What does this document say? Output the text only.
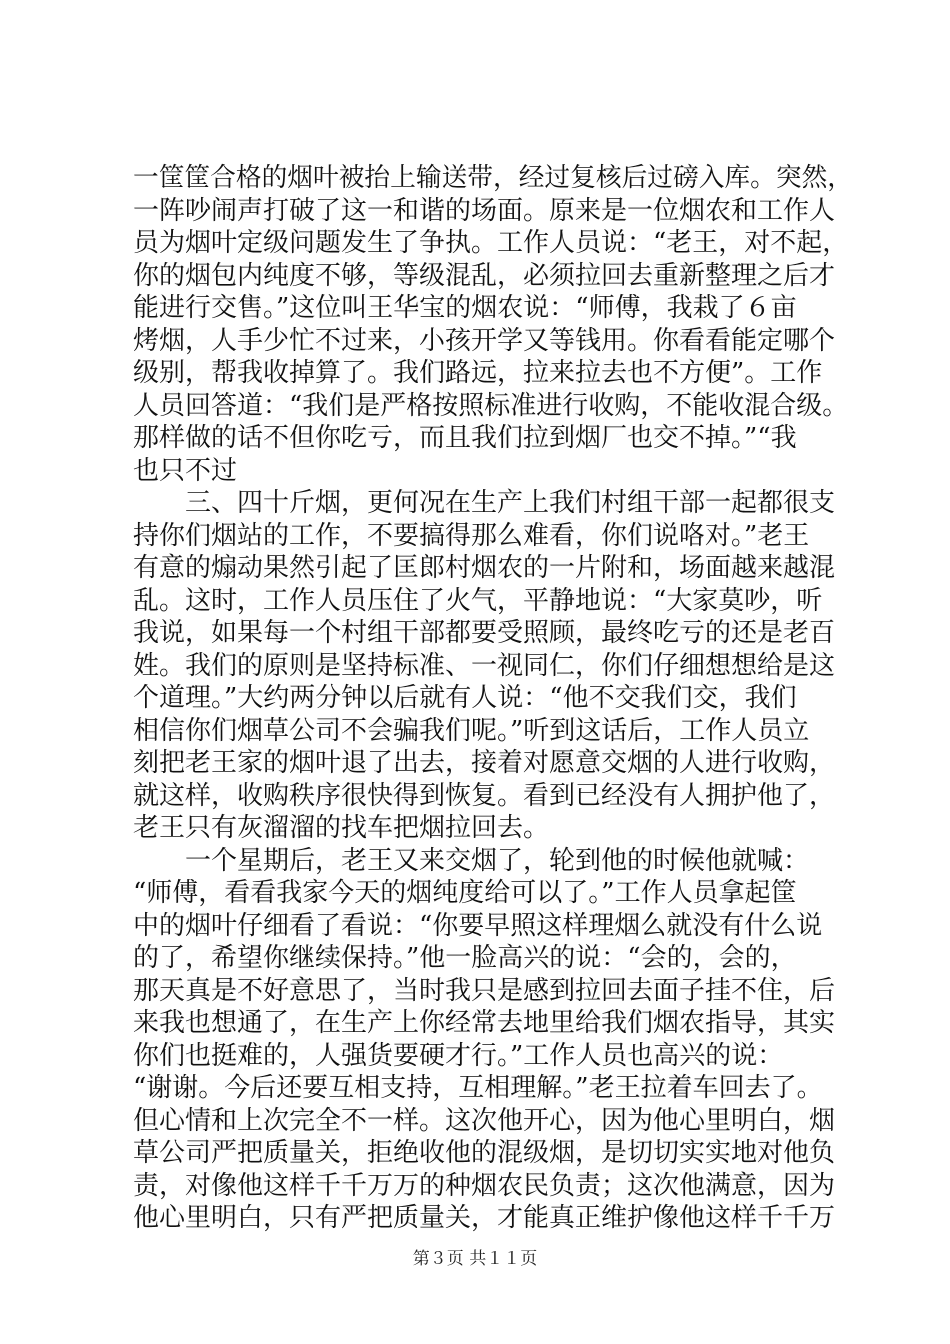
一筐筐合格的烟叶被抬上输送带，经过复核后过磅入库。突然，
一阵吵闹声打破了这一和谐的场面。原来是一位烟农和工作人
员为烟叶定级问题发生了争执。工作人员说：“老王，对不起，
你的烟包内纯度不够，等级混乱，必须拉回去重新整理之后才
能进行交售。”这位叫王华宝的烟农说：“师傅，我栽了６亩
烤烟，人手少忙不过来，小孩开学又等钱用。你看看能定哪个
级别，帮我收掉算了。我们路远，拉来拉去也不方便”。工作
人员回答道：“我们是严格按照标准进行收购，不能收混合级。
那样做的话不但你吃亏，而且我们拉到烟厂也交不掉。”“我
也只不过
　　三、四十斤烟，更何况在生产上我们村组干部一起都很支
持你们烟站的工作，不要搞得那么难看，你们说咯对。”老王
有意的煽动果然引起了匡郎村烟农的一片附和，场面越来越混
乱。这时，工作人员压住了火气，平静地说：“大家莫吵，听
我说，如果每一个村组干部都要受照顾，最终吃亏的还是老百
姓。我们的原则是坚持标准、一视同仁，你们仔细想想给是这
个道理。”大约两分钟以后就有人说：“他不交我们交，我们
相信你们烟草公司不会骗我们呢。”听到这话后，工作人员立
刻把老王家的烟叶退了出去，接着对愿意交烟的人进行收购，
就这样，收购秩序很快得到恢复。看到已经没有人拥护他了，
老王只有灰溜溜的找车把烟拉回去。
　　一个星期后，老王又来交烟了，轮到他的时候他就喊：
“师傅，看看我家今天的烟纯度给可以了。”工作人员拿起筐
中的烟叶仔细看了看说：“你要早照这样理烟么就没有什么说
的了，希望你继续保持。”他一脸高兴的说：“会的，会的，
那天真是不好意思了，当时我只是感到拉回去面子挂不住，后
来我也想通了，在生产上你经常去地里给我们烟农指导，其实
你们也挺难的，人强货要硬才行。”工作人员也高兴的说：
“谢谢。今后还要互相支持，互相理解。”老王拉着车回去了。
但心情和上次完全不一样。这次他开心，因为他心里明白，烟
草公司严把质量关，拒绝收他的混级烟，是切切实实地对他负
责，对像他这样千千万万的种烟农民负责；这次他满意，因为
他心里明白，只有严把质量关，才能真正维护像他这样千千万
第３页 共１１页
